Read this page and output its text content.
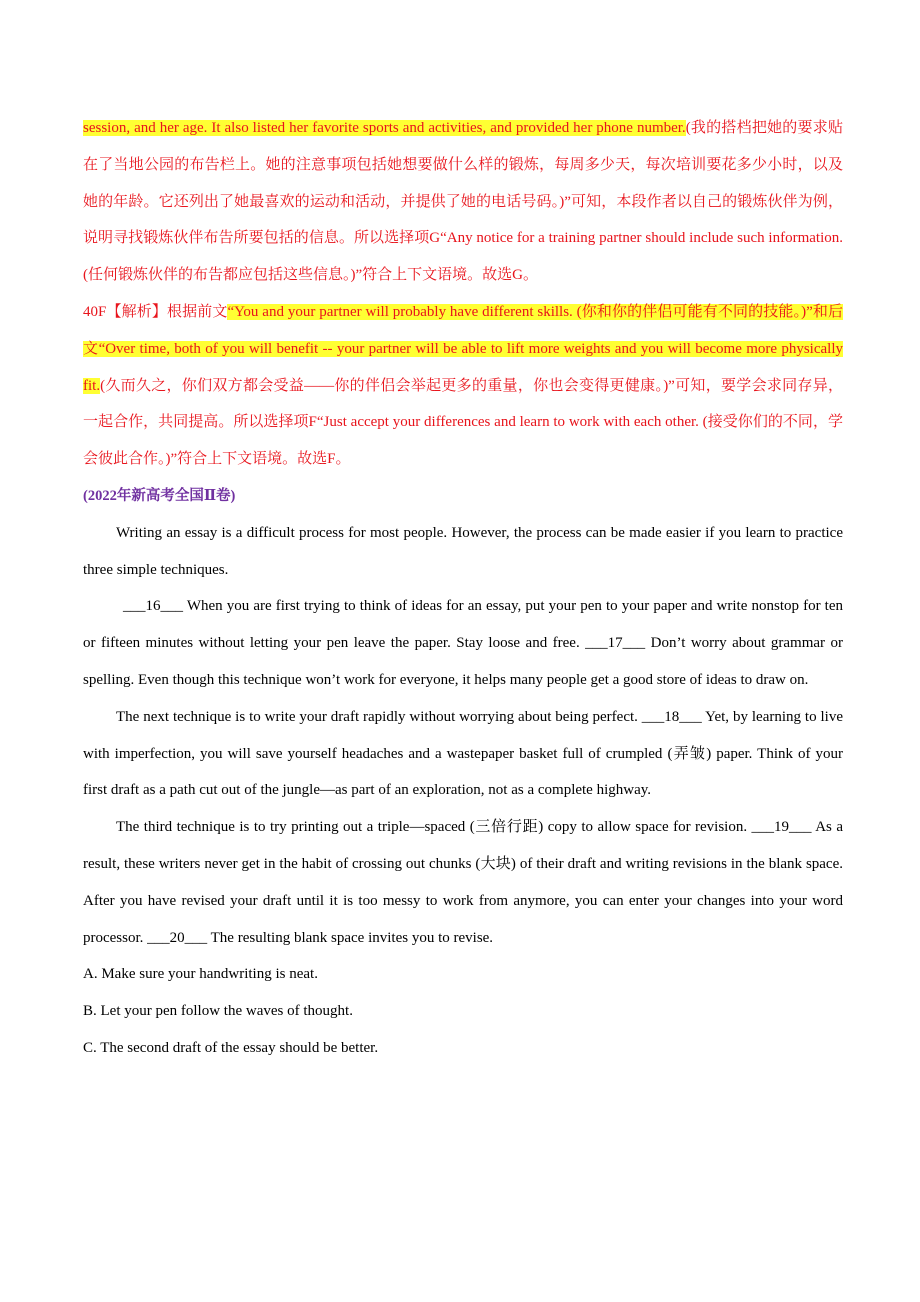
session, and her age. It also listed her favorite sports and activities, and provided her phone number.(我的搭档把她的要求贴在了当地公园的布告栏上。她的注意事项包括她想要做什么样的锻炼，每周多少天，每次培训要花多少小时，以及她的年龄。它还列出了她最喜欢的运动和活动，并提供了她的电话号码。)”可知，本段作者以自己的锻炼伙伴为例，说明寻找锻炼伙伴布告所要包括的信息。所以选择项G“Any notice for a training partner should include such information. (任何锻炼伙伴的布告都应包括这些信息。)”符合上下文语境。故选G。

40F【解析】根据前文“You and your partner will probably have different skills. (你和你的伴侣可能有不同的技能。)”和后文“Over time, both of you will benefit -- your partner will be able to lift more weights and you will become more physically fit.(久而久之，你们双方都会受益——你的伴侣会举起更多的重量，你也会变得更健康。)”可知，要学会求同存异，一起合作，共同提高。所以选择项F“Just accept your differences and learn to work with each other. (接受你们的不同，学会彼此合作。)”符合上下文语境。故选F。

(2022年新高考全国Ⅱ卷)

Writing an essay is a difficult process for most people. However, the process can be made easier if you learn to practice three simple techniques.

___16___ When you are first trying to think of ideas for an essay, put your pen to your paper and write nonstop for ten or fifteen minutes without letting your pen leave the paper. Stay loose and free. ___17___ Don’t worry about grammar or spelling. Even though this technique won’t work for everyone, it helps many people get a good store of ideas to draw on.

The next technique is to write your draft rapidly without worrying about being perfect. ___18___ Yet, by learning to live with imperfection, you will save yourself headaches and a wastepaper basket full of crumpled (弄皱) paper. Think of your first draft as a path cut out of the jungle—as part of an exploration, not as a complete highway.

The third technique is to try printing out a triple—spaced (三倍行距) copy to allow space for revision. ___19___ As a result, these writers never get in the habit of crossing out chunks (大块) of their draft and writing revisions in the blank space. After you have revised your draft until it is too messy to work from anymore, you can enter your changes into your word processor. ___20___ The resulting blank space invites you to revise.

A. Make sure your handwriting is neat.

B. Let your pen follow the waves of thought.

C. The second draft of the essay should be better.
